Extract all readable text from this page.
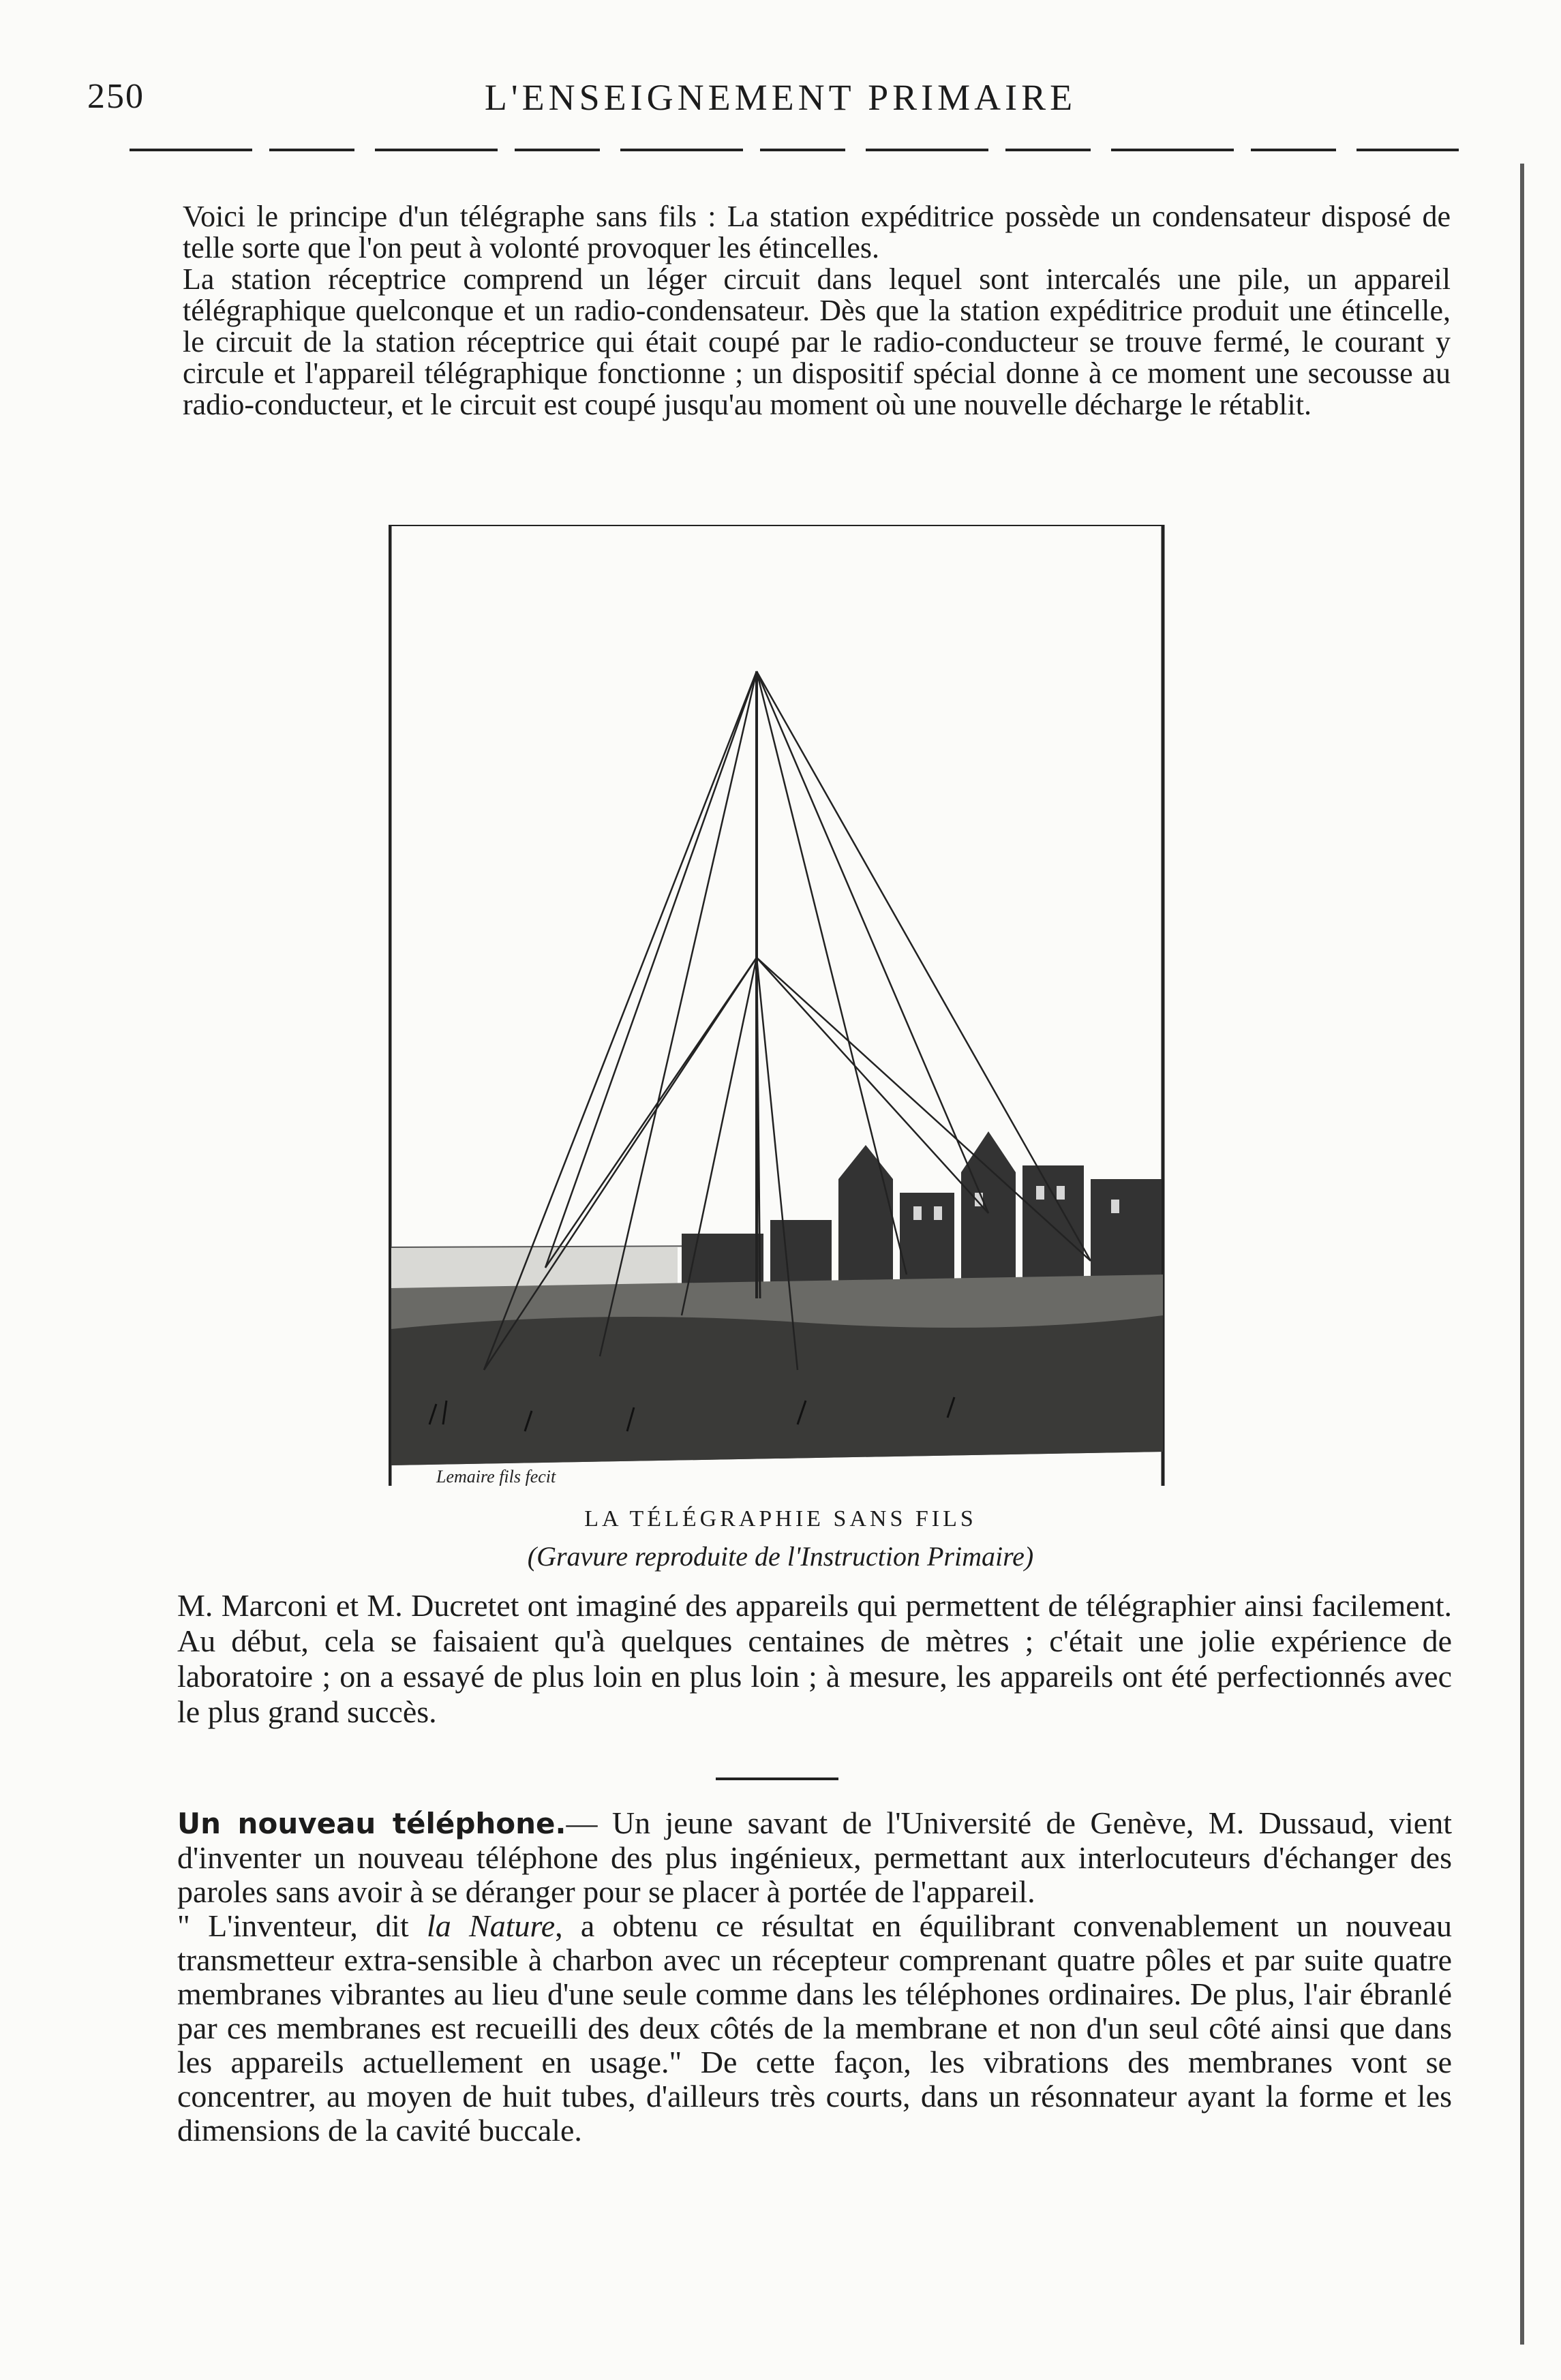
250	L'ENSEIGNEMENT PRIMAIRE
Voici le principe d'un télégraphe sans fils : La station expéditrice possède un condensateur disposé de telle sorte que l'on peut à volonté provoquer les étincelles.
La station réceptrice comprend un léger circuit dans lequel sont intercalés une pile, un appareil télégraphique quelconque et un radio-condensateur. Dès que la station expéditrice produit une étincelle, le circuit de la station réceptrice qui était coupé par le radio-conducteur se trouve fermé, le courant y circule et l'appareil télégraphique fonctionne ; un dispositif spécial donne à ce moment une secousse au radio-conducteur, et le circuit est coupé jusqu'au moment où une nouvelle décharge le rétablit.
Lemaire fils fecit
LA TÉLÉGRAPHIE SANS FILS
(Gravure reproduite de l'Instruction Primaire)
M. Marconi et M. Ducretet ont imaginé des appareils qui permettent de télégraphier ainsi facilement. Au début, cela se faisaient qu'à quelques centaines de mètres ; c'était une jolie expérience de laboratoire ; on a essayé de plus loin en plus loin ; à mesure, les appareils ont été perfectionnés avec le plus grand succès.
Un nouveau téléphone.— Un jeune savant de l'Université de Genève, M. Dussaud, vient d'inventer un nouveau téléphone des plus ingénieux, permettant aux interlocuteurs d'échanger des paroles sans avoir à se déranger pour se placer à portée de l'appareil.
" L'inventeur, dit la Nature, a obtenu ce résultat en équilibrant convenablement un nouveau transmetteur extra-sensible à charbon avec un récepteur comprenant quatre pôles et par suite quatre membranes vibrantes au lieu d'une seule comme dans les téléphones ordinaires. De plus, l'air ébranlé par ces membranes est recueilli des deux côtés de la membrane et non d'un seul côté ainsi que dans les appareils actuellement en usage." De cette façon, les vibrations des membranes vont se concentrer, au moyen de huit tubes, d'ailleurs très courts, dans un résonnateur ayant la forme et les dimensions de la cavité buccale.
